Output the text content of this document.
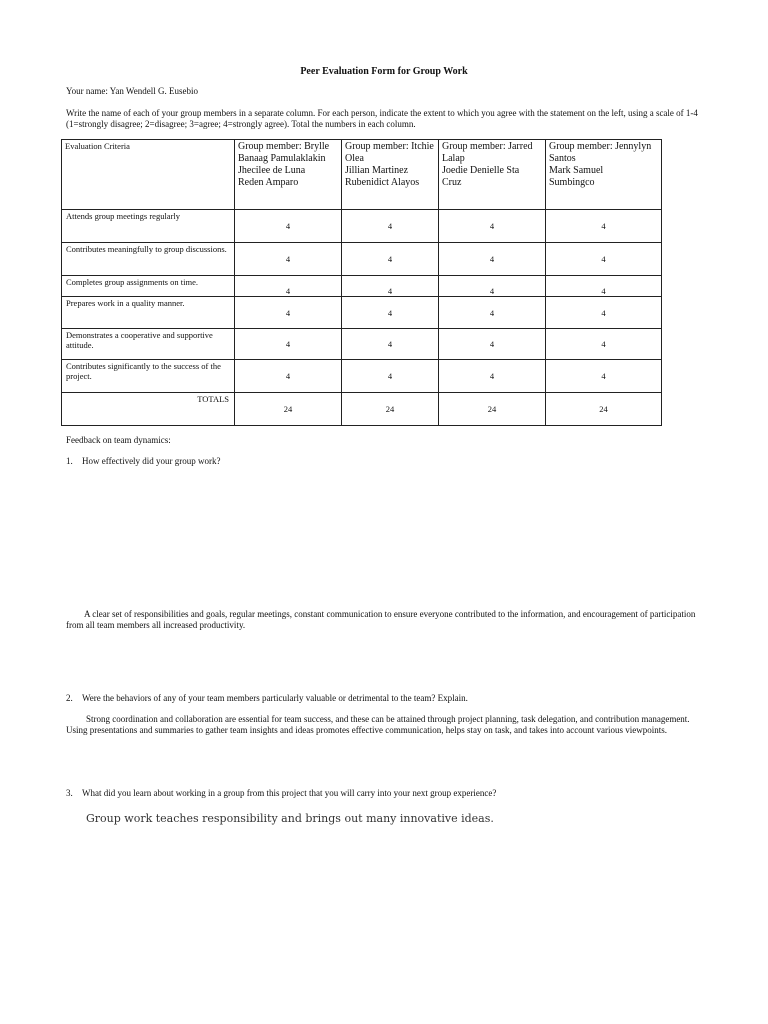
Peer Evaluation Form for Group Work
Your name: Yan Wendell G. Eusebio
Write the name of each of your group members in a separate column. For each person, indicate the extent to which you agree with the statement on the left, using a scale of 1-4 (1=strongly disagree; 2=disagree; 3=agree; 4=strongly agree). Total the numbers in each column.
Evaluation Criteria	Group member: Brylle
Banaag Pamulaklakin
Jhecilee de Luna
Reden Amparo	Group member: Itchie
Olea
Jillian Martinez
Rubenidict Alayos	Group member: Jarred
Lalap
Joedie Denielle Sta
Cruz	Group member: Jennylyn
Santos
Mark Samuel
Sumbingco

Attends group meetings regularly	4	4	4	4
Contributes meaningfully to group discussions.	4	4	4	4
Completes group assignments on time.	4	4	4	4
Prepares work in a quality manner.	4	4	4	4
Demonstrates a cooperative and supportive attitude.	4	4	4	4
Contributes significantly to the success of the project.	4	4	4	4
TOTALS	24	24	24	24
Feedback on team dynamics:
1. How effectively did your group work?
A clear set of responsibilities and goals, regular meetings, constant communication to ensure everyone contributed to the information, and encouragement of participation from all team members all increased productivity.
2. Were the behaviors of any of your team members particularly valuable or detrimental to the team? Explain.
Strong coordination and collaboration are essential for team success, and these can be attained through project planning, task delegation, and contribution management. Using presentations and summaries to gather team insights and ideas promotes effective communication, helps stay on task, and takes into account various viewpoints.
3. What did you learn about working in a group from this project that you will carry into your next group experience?
Group work teaches responsibility and brings out many innovative ideas.
